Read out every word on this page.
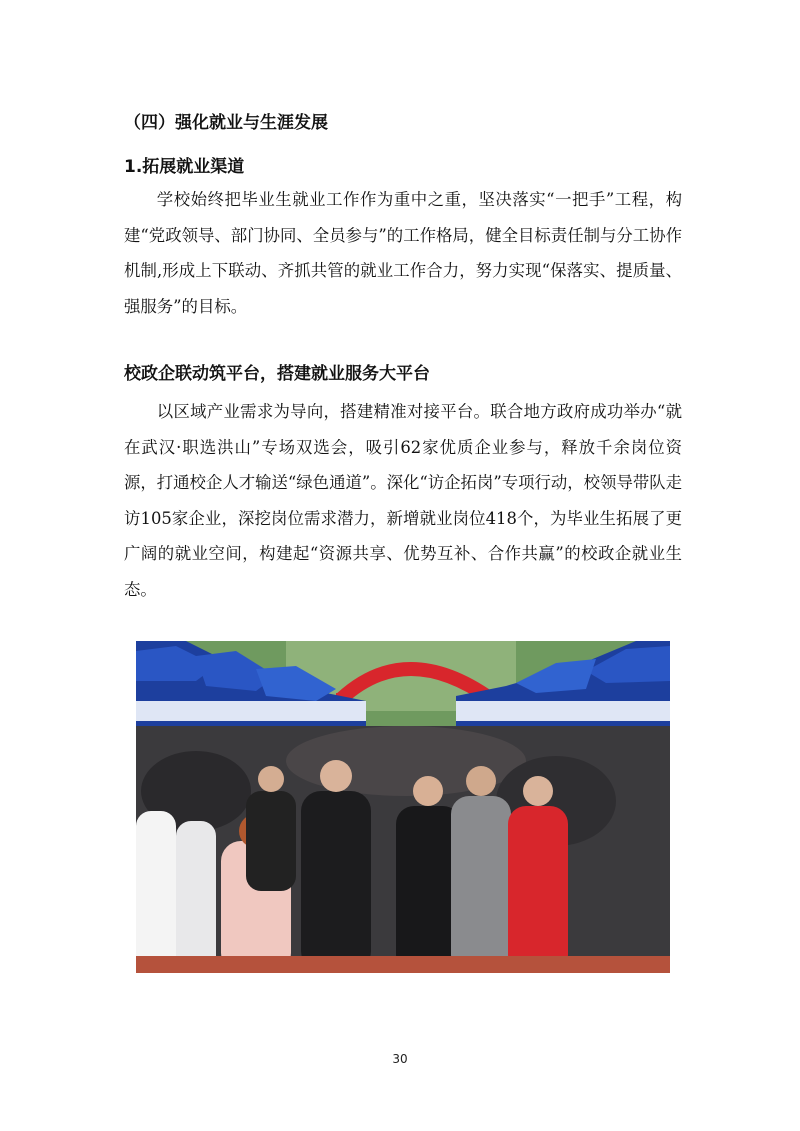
（四）强化就业与生涯发展
1.拓展就业渠道

学校始终把毕业生就业工作作为重中之重，坚决落实“一把手”工程，构建“党政领导、部门协同、全员参与”的工作格局，健全目标责任制与分工协作机制,形成上下联动、齐抓共管的就业工作合力，努力实现“保落实、提质量、强服务”的目标。

校政企联动筑平台，搭建就业服务大平台

以区域产业需求为导向，搭建精准对接平台。联合地方政府成功举办“就在武汉·职选洪山”专场双选会，吸引62家优质企业参与，释放千余岗位资源，打通校企人才输送“绿色通道”。深化“访企拓岗”专项行动，校领导带队走访105家企业，深挖岗位需求潜力，新增就业岗位418个，为毕业生拓展了更广阔的就业空间，构建起“资源共享、优势互补、合作共赢”的校政企就业生态。

30
